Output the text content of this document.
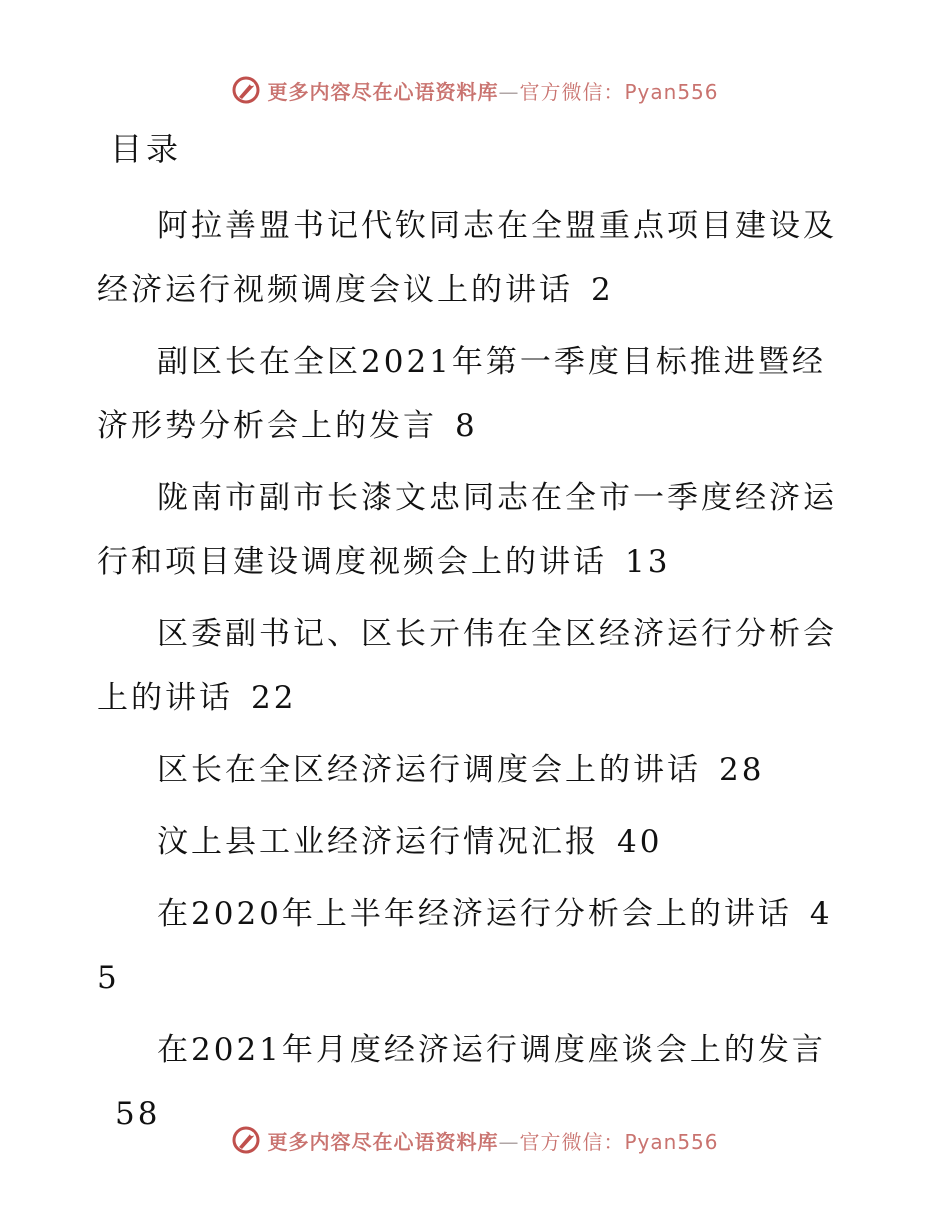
更多内容尽在心语资料库—官方微信：Pyan556
目录
阿拉善盟书记代钦同志在全盟重点项目建设及经济运行视频调度会议上的讲话 2
副区长在全区2021年第一季度目标推进暨经济形势分析会上的发言 8
陇南市副市长漆文忠同志在全市一季度经济运行和项目建设调度视频会上的讲话 13
区委副书记、区长亓伟在全区经济运行分析会上的讲话 22
区长在全区经济运行调度会上的讲话 28
汶上县工业经济运行情况汇报 40
在2020年上半年经济运行分析会上的讲话 45
在2021年月度经济运行调度座谈会上的发言58
更多内容尽在心语资料库—官方微信：Pyan556
